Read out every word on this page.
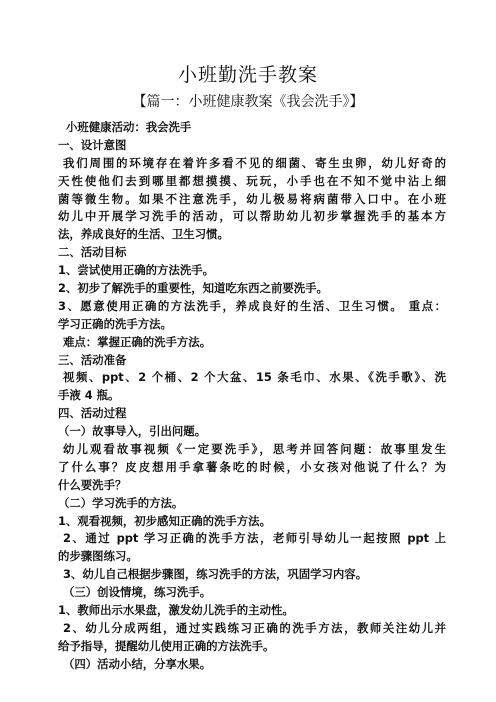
小班勤洗手教案
【篇一：小班健康教案《我会洗手》】
小班健康活动：我会洗手
一、设计意图
我们周围的环境存在着许多看不见的细菌、寄生虫卵，幼儿好奇的
天性使他们去到哪里都想摸摸、玩玩，小手也在不知不觉中沾上细
菌等微生物。如果不注意洗手，幼儿极易将病菌带入口中。在小班
幼儿中开展学习洗手的活动，可以帮助幼儿初步掌握洗手的基本方
法，养成良好的生活、卫生习惯。
二、活动目标
1、尝试使用正确的方法洗手。
2、初步了解洗手的重要性，知道吃东西之前要洗手。
3、愿意使用正确的方法洗手，养成良好的生活、卫生习惯。 重点：
学习正确的洗手方法。
难点：掌握正确的洗手方法。
三、活动准备
视频、ppt、2 个桶、2 个大盆、15 条毛巾、水果、《洗手歌》、洗
手液 4 瓶。
四、活动过程
（一）故事导入，引出问题。
幼儿观看故事视频《一定要洗手》，思考并回答问题：故事里发生
了什么事？皮皮想用手拿薯条吃的时候，小女孩对他说了什么？为
什么要洗手？
（二）学习洗手的方法。
1、观看视频，初步感知正确的洗手方法。
2、通过 ppt 学习正确的洗手方法，老师引导幼儿一起按照 ppt 上
的步骤图练习。
3、幼儿自己根据步骤图，练习洗手的方法，巩固学习内容。
（三）创设情境，练习洗手。
1、教师出示水果盘，激发幼儿洗手的主动性。
2、幼儿分成两组，通过实践练习正确的洗手方法，教师关注幼儿并
给予指导，提醒幼儿使用正确的方法洗手。
（四）活动小结，分享水果。
